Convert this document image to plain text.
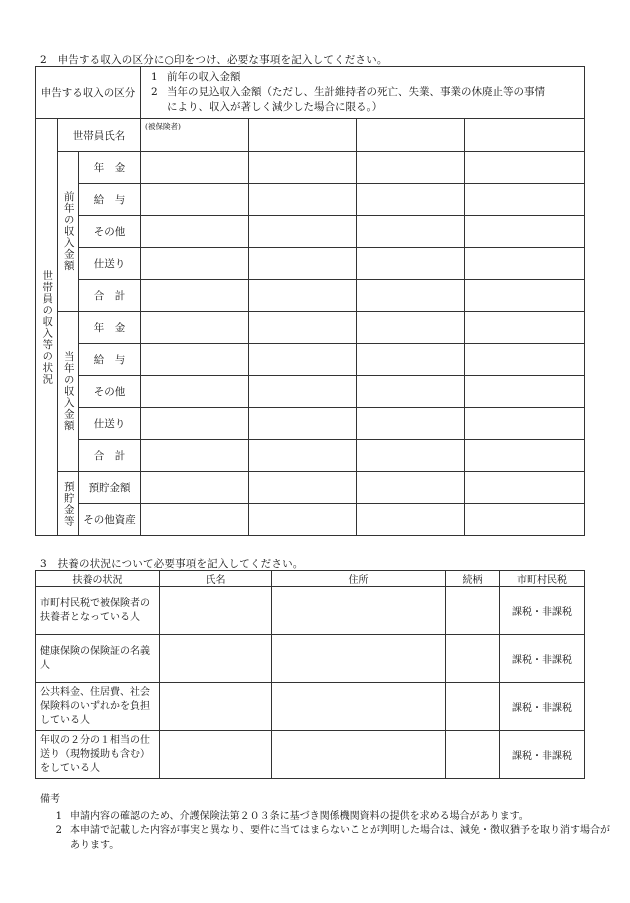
2　申告する収入の区分に○印をつけ、必要な事項を記入してください。
申告する収入の区分			1 前年の収入金額
2 当年の見込収入金額（ただし、生計維持者の死亡、失業、事業の休廃止等の事情
により、収入が著しく減少した場合に限る。）			

世帯員の収入等の状況	世帯員氏名		(被保険者)			

	前年の収入金額	年　金				
		給　与				
		その他				
		仕送り				
		合　計				

	当年の収入金額	年　金				
		給　与				
		その他				
		仕送り				
		合　計				

	預貯金等	預貯金額				
		その他資産				
3　扶養の状況について必要事項を記入してください。
扶養の状況	氏名	住所	続柄	市町村民税
市町村民税で被保険者の扶養者となっている人				課税・非課税
健康保険の保険証の名義人				課税・非課税
公共料金、住居費、社会保険料のいずれかを負担している人				課税・非課税
年収の２分の１相当の仕送り（現物援助も含む）をしている人				課税・非課税
備考
1 申請内容の確認のため、介護保険法第２０３条に基づき関係機関資料の提供を求める場合があります。
2 本申請で記載した内容が事実と異なり、要件に当てはまらないことが判明した場合は、減免・徴収猶予を取り消す場合があります。
